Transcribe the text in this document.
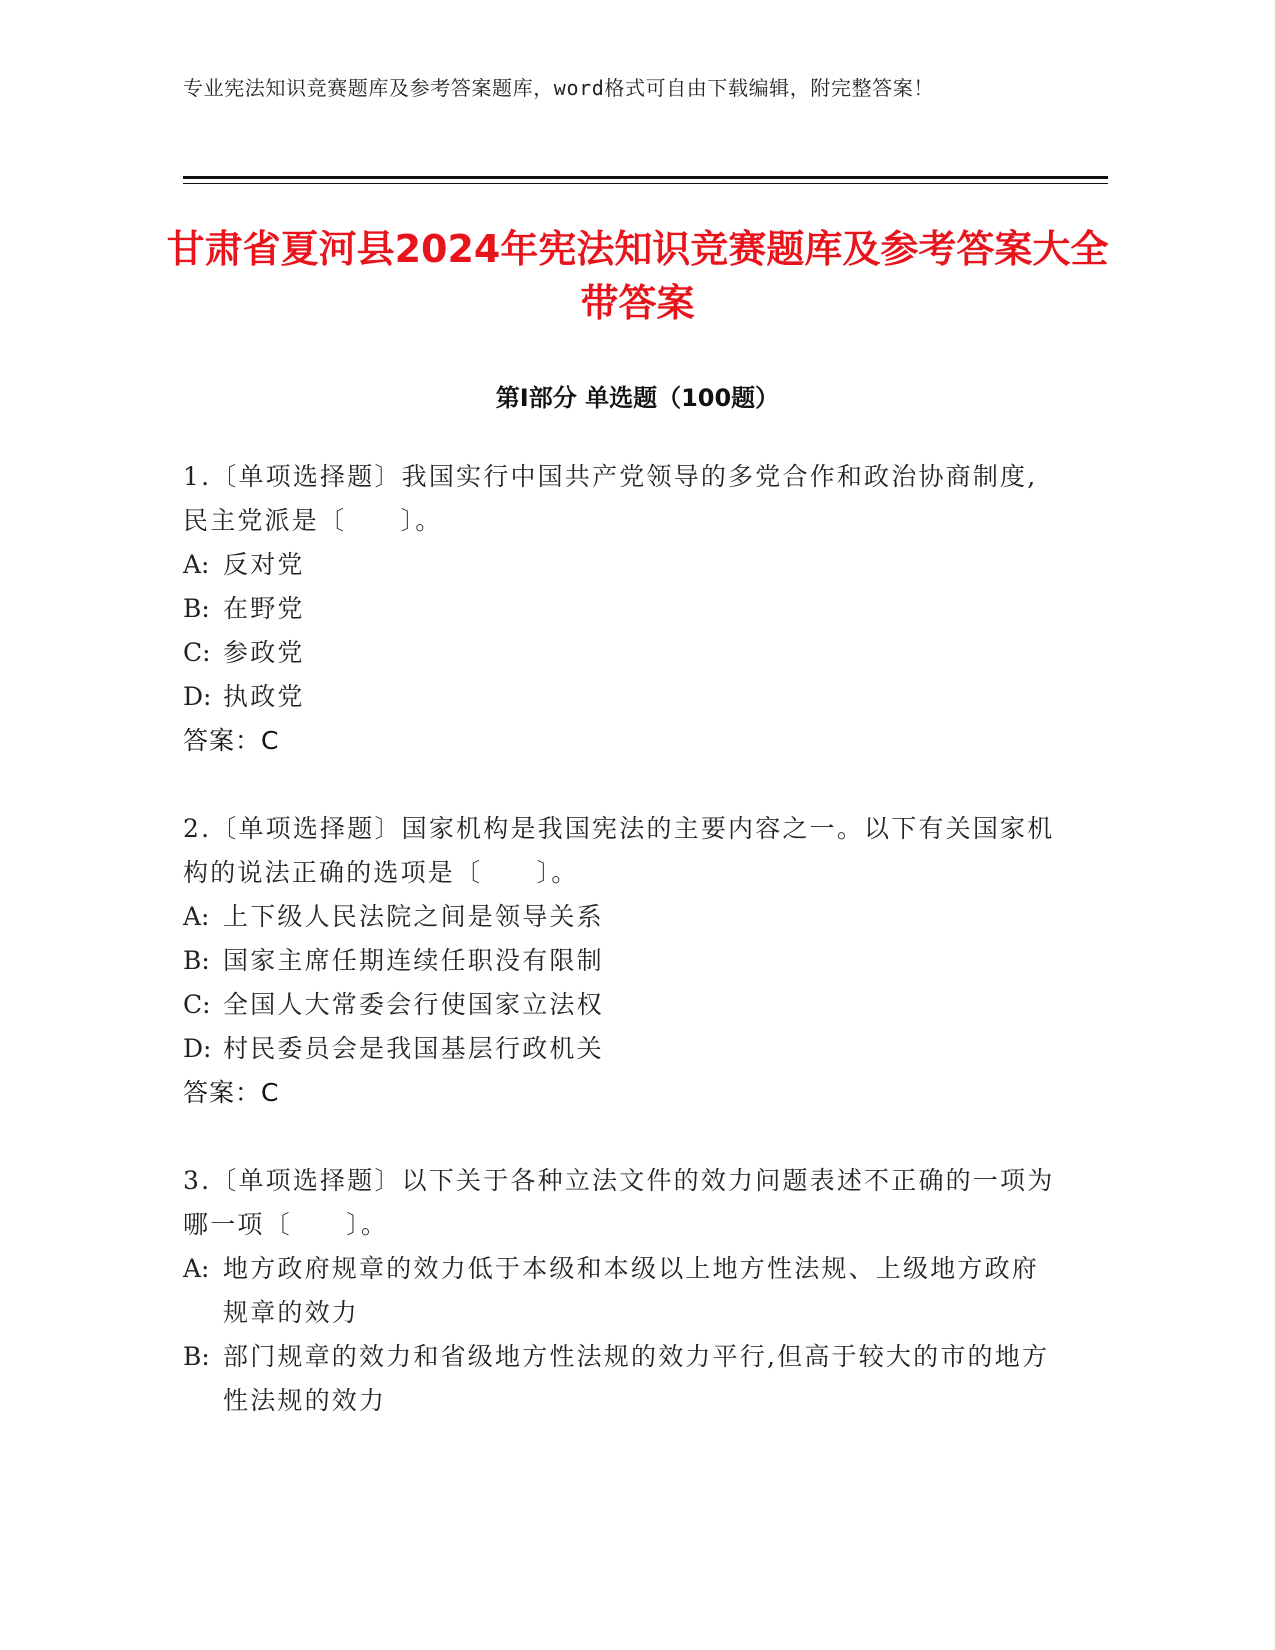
专业宪法知识竞赛题库及参考答案题库，word格式可自由下载编辑，附完整答案！
甘肃省夏河县2024年宪法知识竞赛题库及参考答案大全带答案
第Ⅰ部分 单选题（100题）

1.〔单项选择题〕我国实行中国共产党领导的多党合作和政治协商制度,民主党派是〔　　〕。

A: 反对党
B: 在野党
C: 参政党
D: 执政党
答案：C

2.〔单项选择题〕国家机构是我国宪法的主要内容之一。以下有关国家机构的说法正确的选项是〔　　〕。

A: 上下级人民法院之间是领导关系
B: 国家主席任期连续任职没有限制
C: 全国人大常委会行使国家立法权
D: 村民委员会是我国基层行政机关
答案：C

3.〔单项选择题〕以下关于各种立法文件的效力问题表述不正确的一项为哪一项〔　　〕。

A: 地方政府规章的效力低于本级和本级以上地方性法规、上级地方政府规章的效力
B: 部门规章的效力和省级地方性法规的效力平行,但高于较大的市的地方性法规的效力
